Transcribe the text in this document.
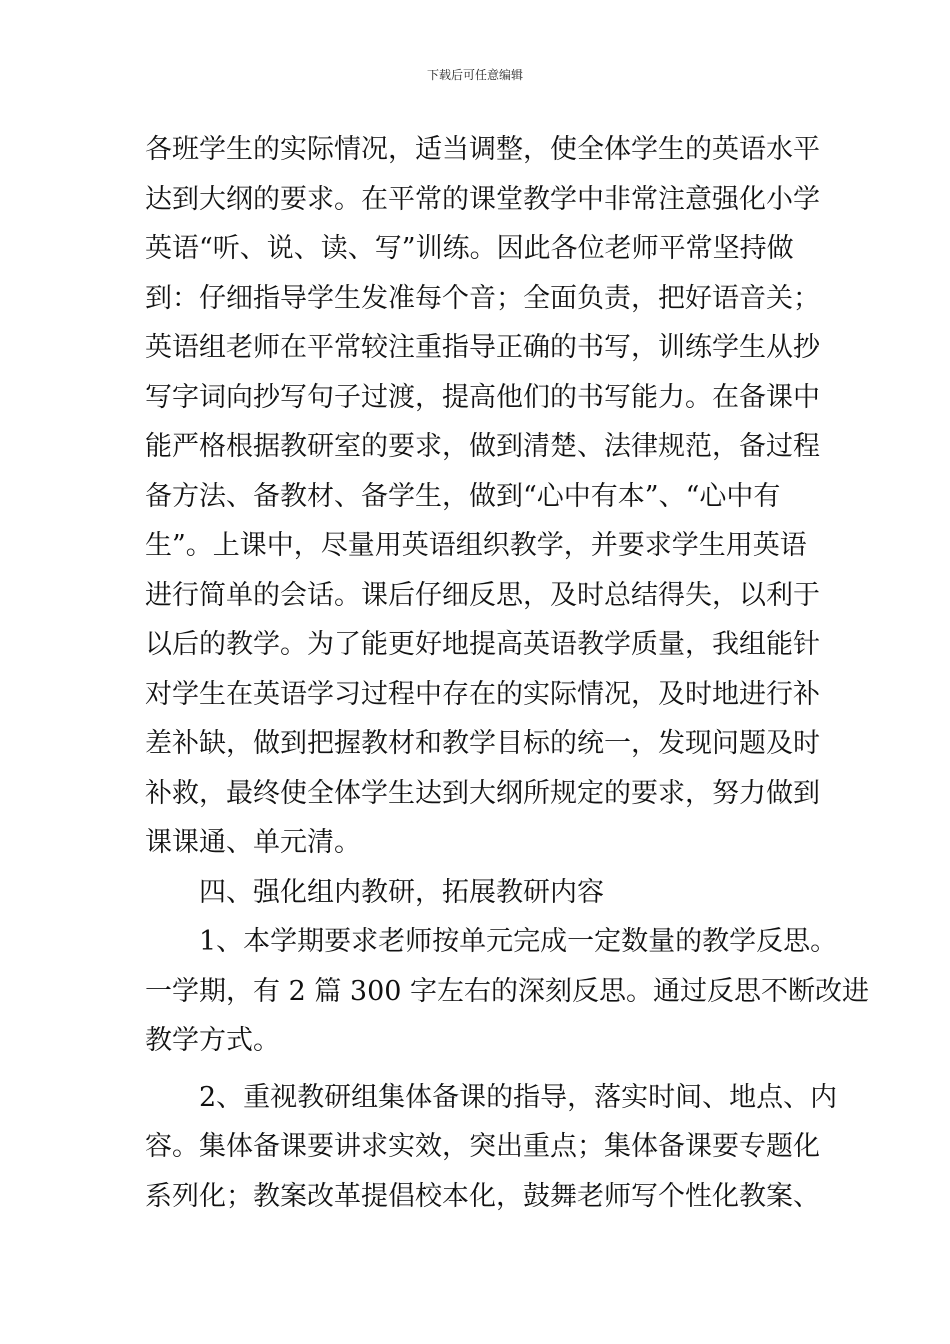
下载后可任意编辑
各班学生的实际情况，适当调整，使全体学生的英语水平
达到大纲的要求。在平常的课堂教学中非常注意强化小学
英语“听、说、读、写”训练。因此各位老师平常坚持做
到：仔细指导学生发准每个音；全面负责，把好语音关；
英语组老师在平常较注重指导正确的书写，训练学生从抄
写字词向抄写句子过渡，提高他们的书写能力。在备课中
能严格根据教研室的要求，做到清楚、法律规范，备过程
备方法、备教材、备学生，做到“心中有本”、“心中有
生”。上课中，尽量用英语组织教学，并要求学生用英语
进行简单的会话。课后仔细反思，及时总结得失，以利于
以后的教学。为了能更好地提高英语教学质量，我组能针
对学生在英语学习过程中存在的实际情况，及时地进行补
差补缺，做到把握教材和教学目标的统一，发现问题及时
补救，最终使全体学生达到大纲所规定的要求，努力做到
课课通、单元清。
　　四、强化组内教研，拓展教研内容
　　1、本学期要求老师按单元完成一定数量的教学反思。
一学期，有 2 篇 300 字左右的深刻反思。通过反思不断改进
教学方式。
　　2、重视教研组集体备课的指导，落实时间、地点、内
容。集体备课要讲求实效，突出重点；集体备课要专题化
系列化；教案改革提倡校本化，鼓舞老师写个性化教案、
